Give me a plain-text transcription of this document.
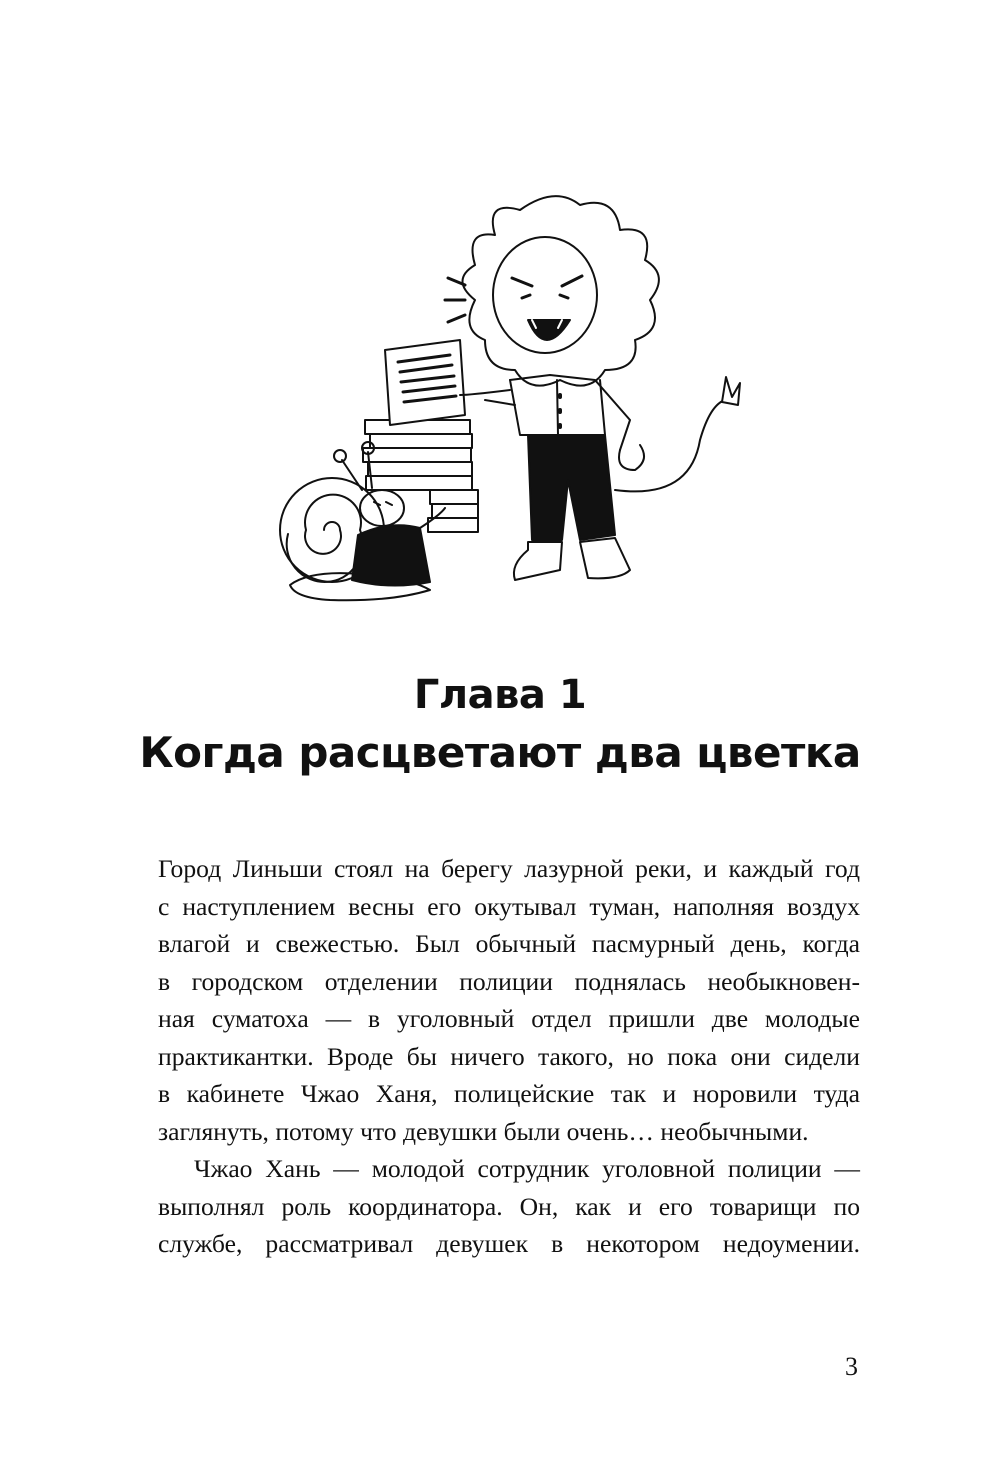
Глава 1
Когда расцветают два цветка
Город Линьши стоял на берегу лазурной реки, и каждый год
с наступлением весны его окутывал туман, наполняя воздух
влагой и свежестью. Был обычный пасмурный день, когда
в городском отделении полиции поднялась необыкновен-
ная суматоха — в уголовный отдел пришли две молодые
практикантки. Вроде бы ничего такого, но пока они сидели
в кабинете Чжао Ханя, полицейские так и норовили туда
заглянуть, потому что девушки были очень… необычными.
Чжао Хань — молодой сотрудник уголовной полиции —
выполнял роль координатора. Он, как и его товарищи по
службе, рассматривал девушек в некотором недоумении.
3
